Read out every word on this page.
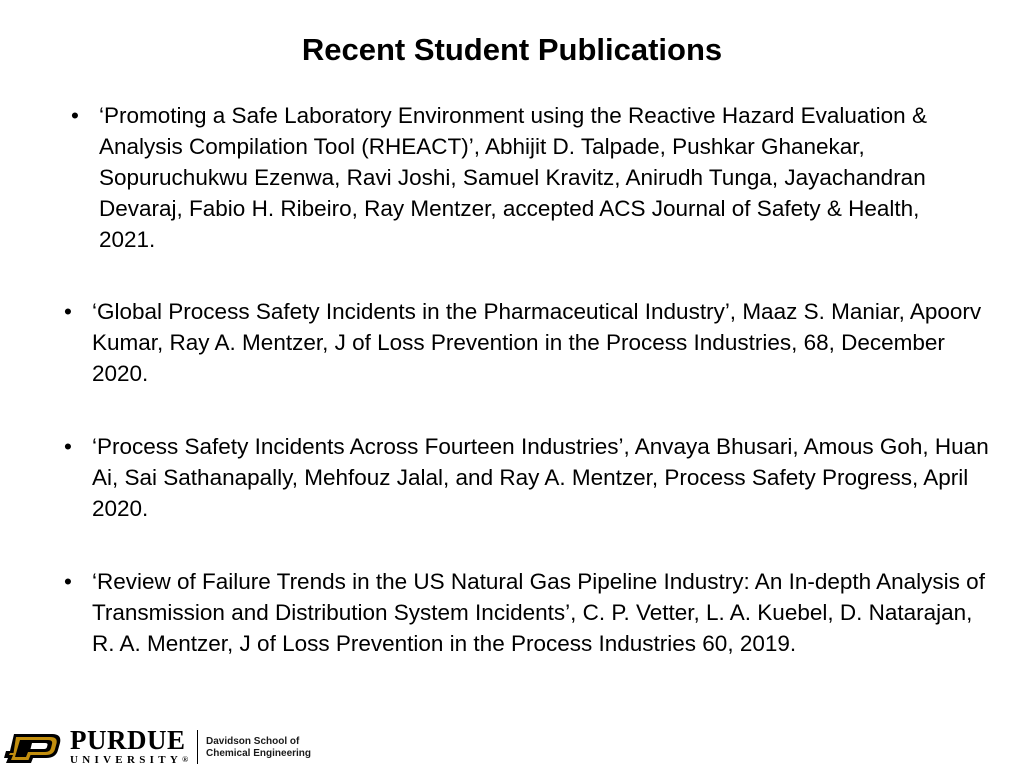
Recent Student Publications
• ‘Promoting a Safe Laboratory Environment using the Reactive Hazard Evaluation &    Analysis Compilation Tool (RHEACT)’, Abhijit D. Talpade, Pushkar Ghanekar, Sopuruchukwu Ezenwa, Ravi Joshi, Samuel Kravitz, Anirudh Tunga, Jayachandran Devaraj, Fabio H. Ribeiro, Ray Mentzer, accepted ACS Journal of Safety & Health, 2021.
• ‘Global Process Safety Incidents in the Pharmaceutical Industry’, Maaz S. Maniar, Apoorv Kumar, Ray A. Mentzer, J of Loss Prevention in the Process Industries, 68, December 2020.
• ‘Process Safety Incidents Across Fourteen Industries’, Anvaya Bhusari, Amous Goh, Huan Ai, Sai Sathanapally, Mehfouz Jalal, and Ray A. Mentzer, Process Safety Progress, April 2020.
• ‘Review of Failure Trends in the US Natural Gas Pipeline Industry: An In-depth Analysis of Transmission and Distribution System Incidents’, C. P. Vetter, L. A. Kuebel, D. Natarajan, R. A. Mentzer, J of Loss Prevention in the Process Industries 60, 2019.
PURDUE
UNIVERSITY®
Davidson School of
Chemical Engineering
